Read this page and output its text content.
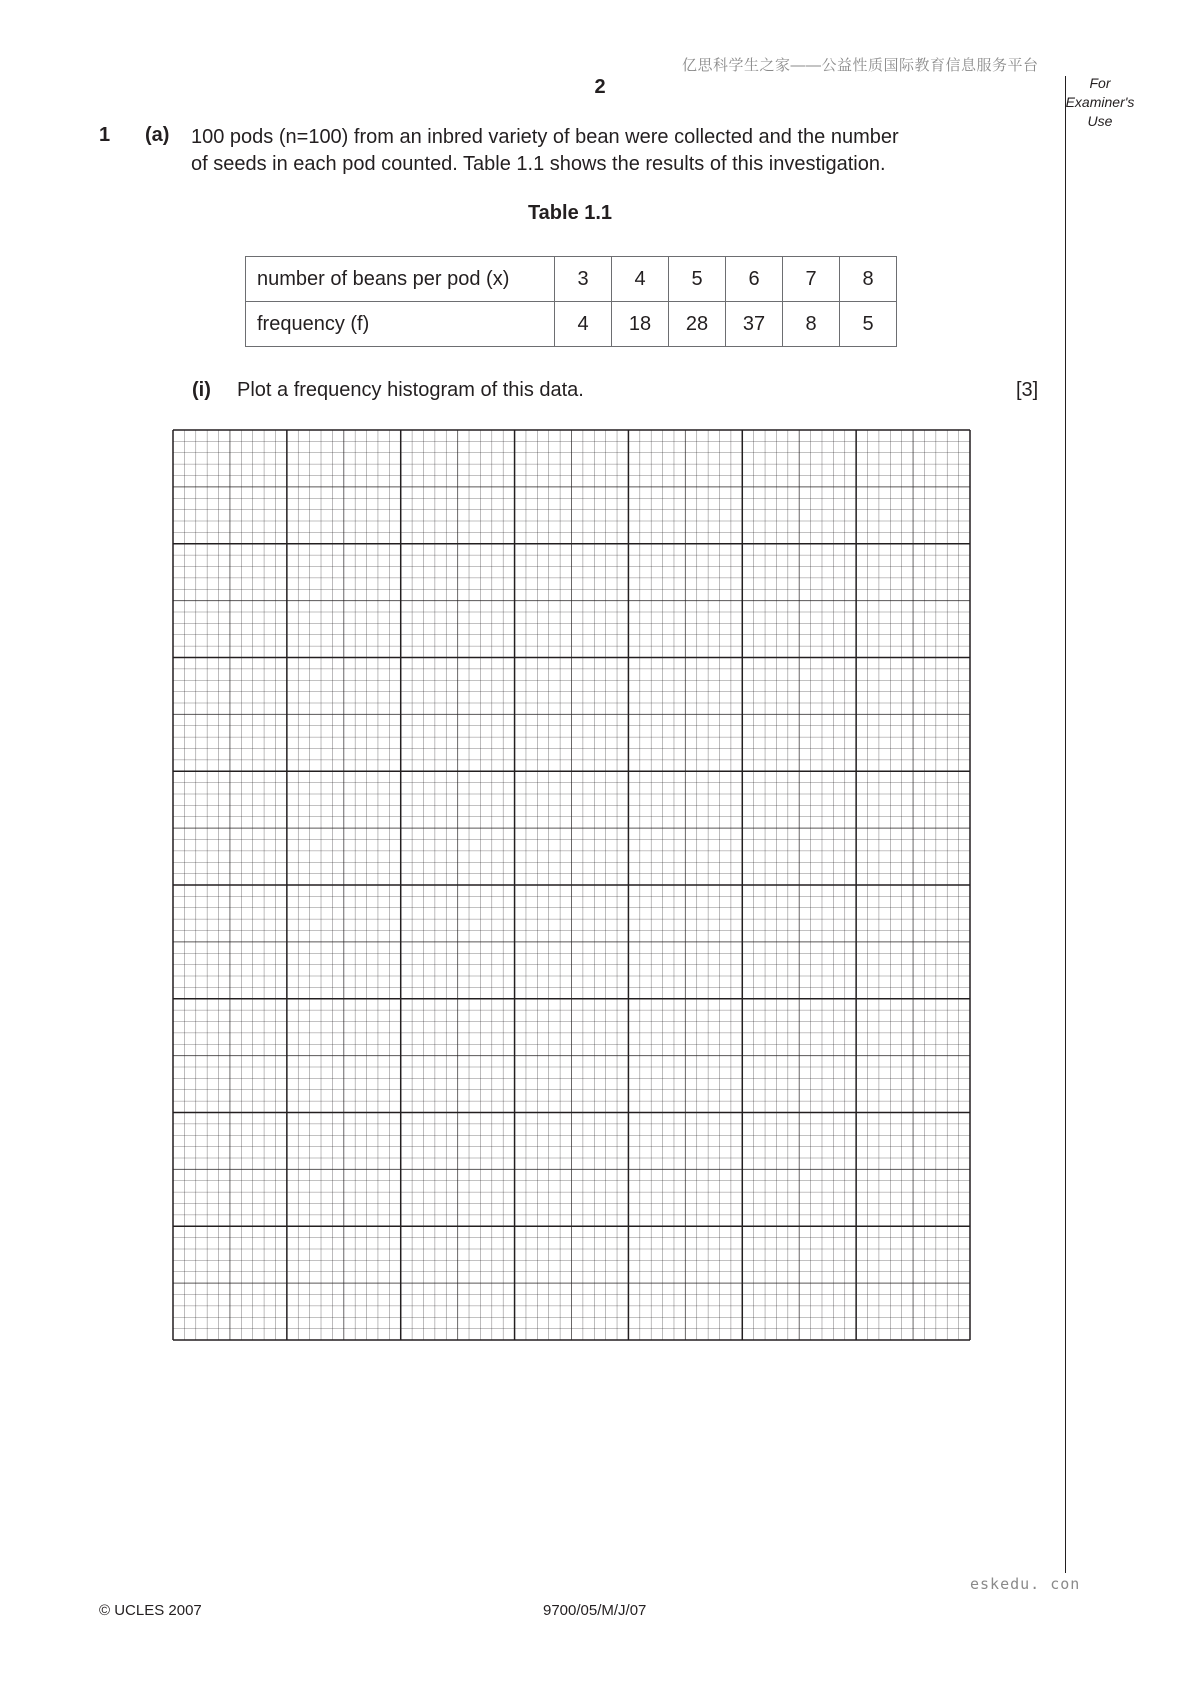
亿思科学生之家——公益性质国际教育信息服务平台
2	For
Examiner's
Use
1 (a) 100 pods (n=100) from an inbred variety of bean were collected and the number
of seeds in each pod counted. Table 1.1 shows the results of this investigation.
Table 1.1
number of beans per pod (x)	3	4	5	6	7	8
frequency (f)	4	18	28	37	8	5
(i) Plot a frequency histogram of this data.	[3]
eskedu. con
© UCLES 2007	9700/05/M/J/07
